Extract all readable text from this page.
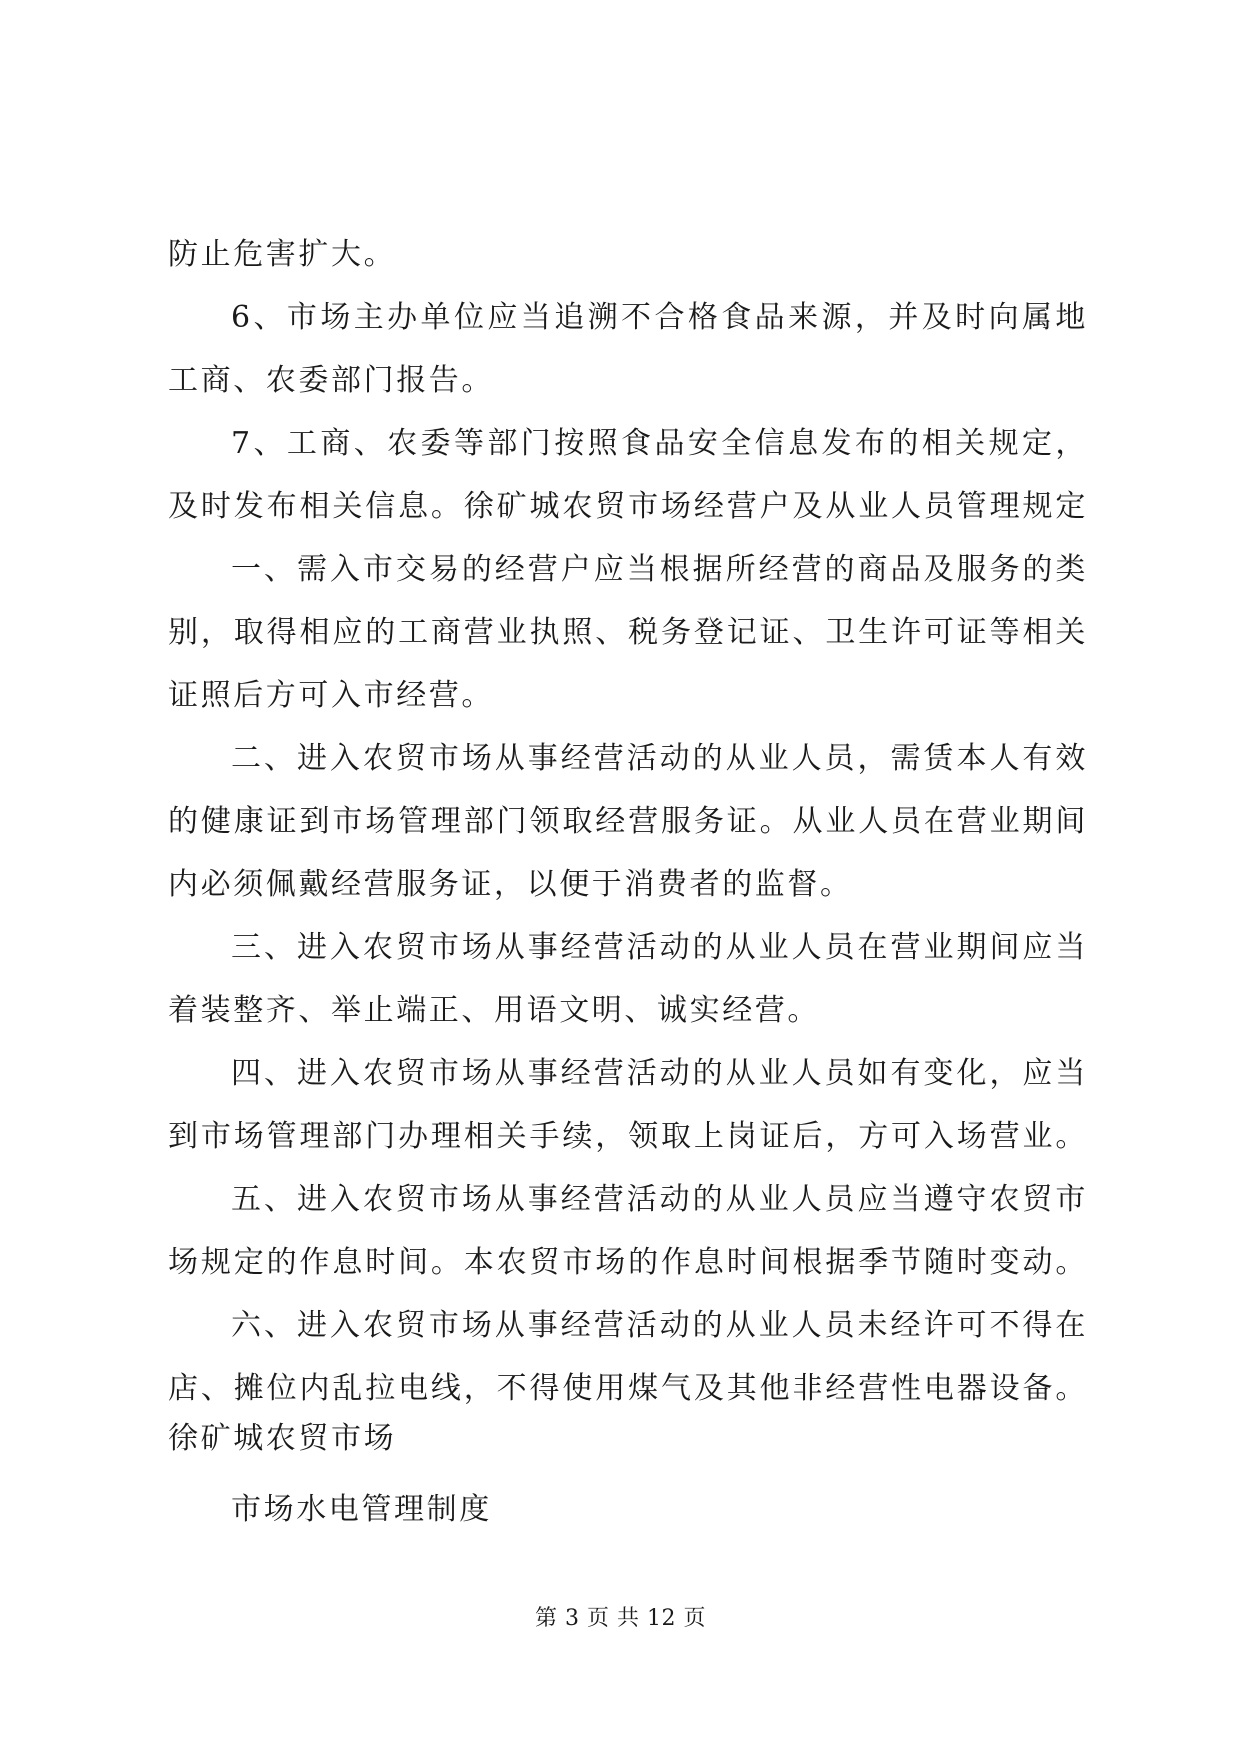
防止危害扩大。
6、市场主办单位应当追溯不合格食品来源，并及时向属地
工商、农委部门报告。
7、工商、农委等部门按照食品安全信息发布的相关规定，
及时发布相关信息。徐矿城农贸市场经营户及从业人员管理规定
一、需入市交易的经营户应当根据所经营的商品及服务的类
别，取得相应的工商营业执照、税务登记证、卫生许可证等相关
证照后方可入市经营。
二、进入农贸市场从事经营活动的从业人员，需赁本人有效
的健康证到市场管理部门领取经营服务证。从业人员在营业期间
内必须佩戴经营服务证，以便于消费者的监督。
三、进入农贸市场从事经营活动的从业人员在营业期间应当
着装整齐、举止端正、用语文明、诚实经营。
四、进入农贸市场从事经营活动的从业人员如有变化，应当
到市场管理部门办理相关手续，领取上岗证后，方可入场营业。
五、进入农贸市场从事经营活动的从业人员应当遵守农贸市
场规定的作息时间。本农贸市场的作息时间根据季节随时变动。
六、进入农贸市场从事经营活动的从业人员未经许可不得在
店、摊位内乱拉电线，不得使用煤气及其他非经营性电器设备。
徐矿城农贸市场
市场水电管理制度
第 3 页 共 12 页
